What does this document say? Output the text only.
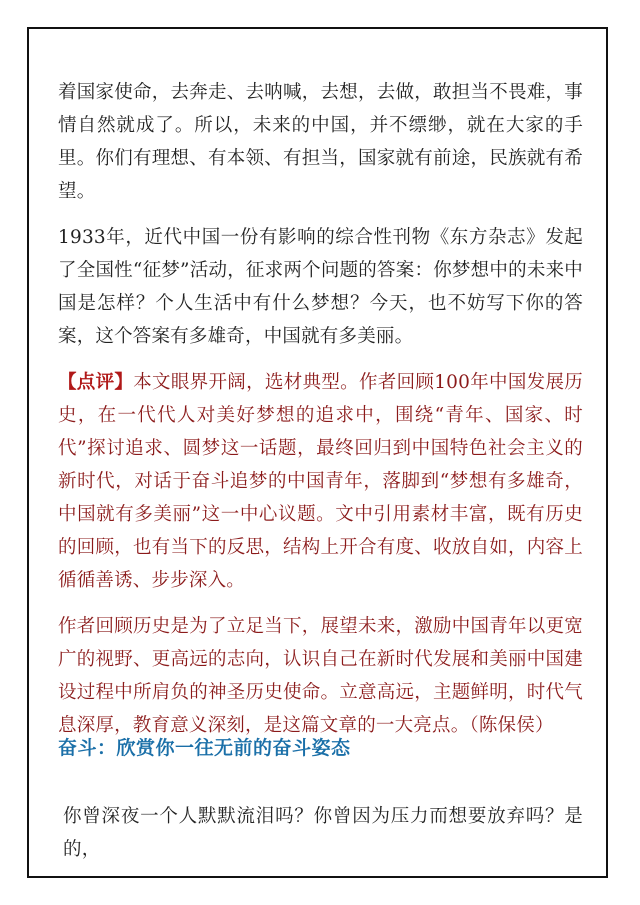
着国家使命，去奔走、去呐喊，去想，去做，敢担当不畏难，事情自然就成了。所以，未来的中国，并不缥缈，就在大家的手里。你们有理想、有本领、有担当，国家就有前途，民族就有希望。

1933年，近代中国一份有影响的综合性刊物《东方杂志》发起了全国性“征梦”活动，征求两个问题的答案：你梦想中的未来中国是怎样？个人生活中有什么梦想？今天，也不妨写下你的答案，这个答案有多雄奇，中国就有多美丽。

【点评】本文眼界开阔，选材典型。作者回顾100年中国发展历史，在一代代人对美好梦想的追求中，围绕“青年、国家、时代”探讨追求、圆梦这一话题，最终回归到中国特色社会主义的新时代，对话于奋斗追梦的中国青年，落脚到“梦想有多雄奇，中国就有多美丽”这一中心议题。文中引用素材丰富，既有历史的回顾，也有当下的反思，结构上开合有度、收放自如，内容上循循善诱、步步深入。

作者回顾历史是为了立足当下，展望未来，激励中国青年以更宽广的视野、更高远的志向，认识自己在新时代发展和美丽中国建设过程中所肩负的神圣历史使命。立意高远，主题鲜明，时代气息深厚，教育意义深刻，是这篇文章的一大亮点。（陈保侯）

奋斗：欣赏你一往无前的奋斗姿态

你曾深夜一个人默默流泪吗？你曾因为压力而想要放弃吗？是的，
